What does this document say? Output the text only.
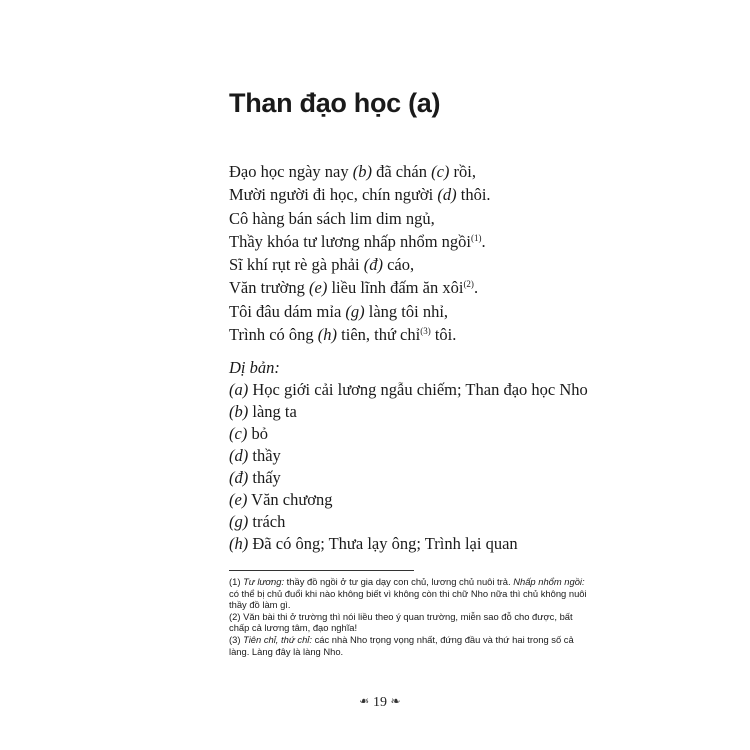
Than đạo học (a)
Đạo học ngày nay (b) đã chán (c) rồi,
Mười người đi học, chín người (d) thôi.
Cô hàng bán sách lim dim ngủ,
Thầy khóa tư lương nhấp nhổm ngồi$^{(1)}$.
Sĩ khí rụt rè gà phải (đ) cáo,
Văn trường (e) liều lĩnh đấm ăn xôi$^{(2)}$.
Tôi đâu dám mỉa (g) làng tôi nhỉ,
Trình có ông (h) tiên, thứ chỉ$^{(3)}$ tôi.
Dị bản:
(a) Học giới cải lương ngẫu chiếm; Than đạo học Nho
(b) làng ta
(c) bỏ
(d) thầy
(đ) thấy
(e) Văn chương
(g) trách
(h) Đã có ông; Thưa lạy ông; Trình lại quan

(1) Tư lương: thầy đồ ngồi ở tư gia dạy con chủ, lương chủ nuôi trả. Nhấp nhổm ngồi: có thể bị chủ đuổi khi nào không biết vì không còn thi chữ Nho nữa thì chủ không nuôi thầy đồ làm gì.

(2) Văn bài thi ở trường thì nói liều theo ý quan trường, miễn sao đỗ cho được, bất chấp cả lương tâm, đạo nghĩa!

(3) Tiên chỉ, thứ chỉ: các nhà Nho trọng vọng nhất, đứng đầu và thứ hai trong số cả làng. Làng đây là làng Nho.

❧ 19 ❧
